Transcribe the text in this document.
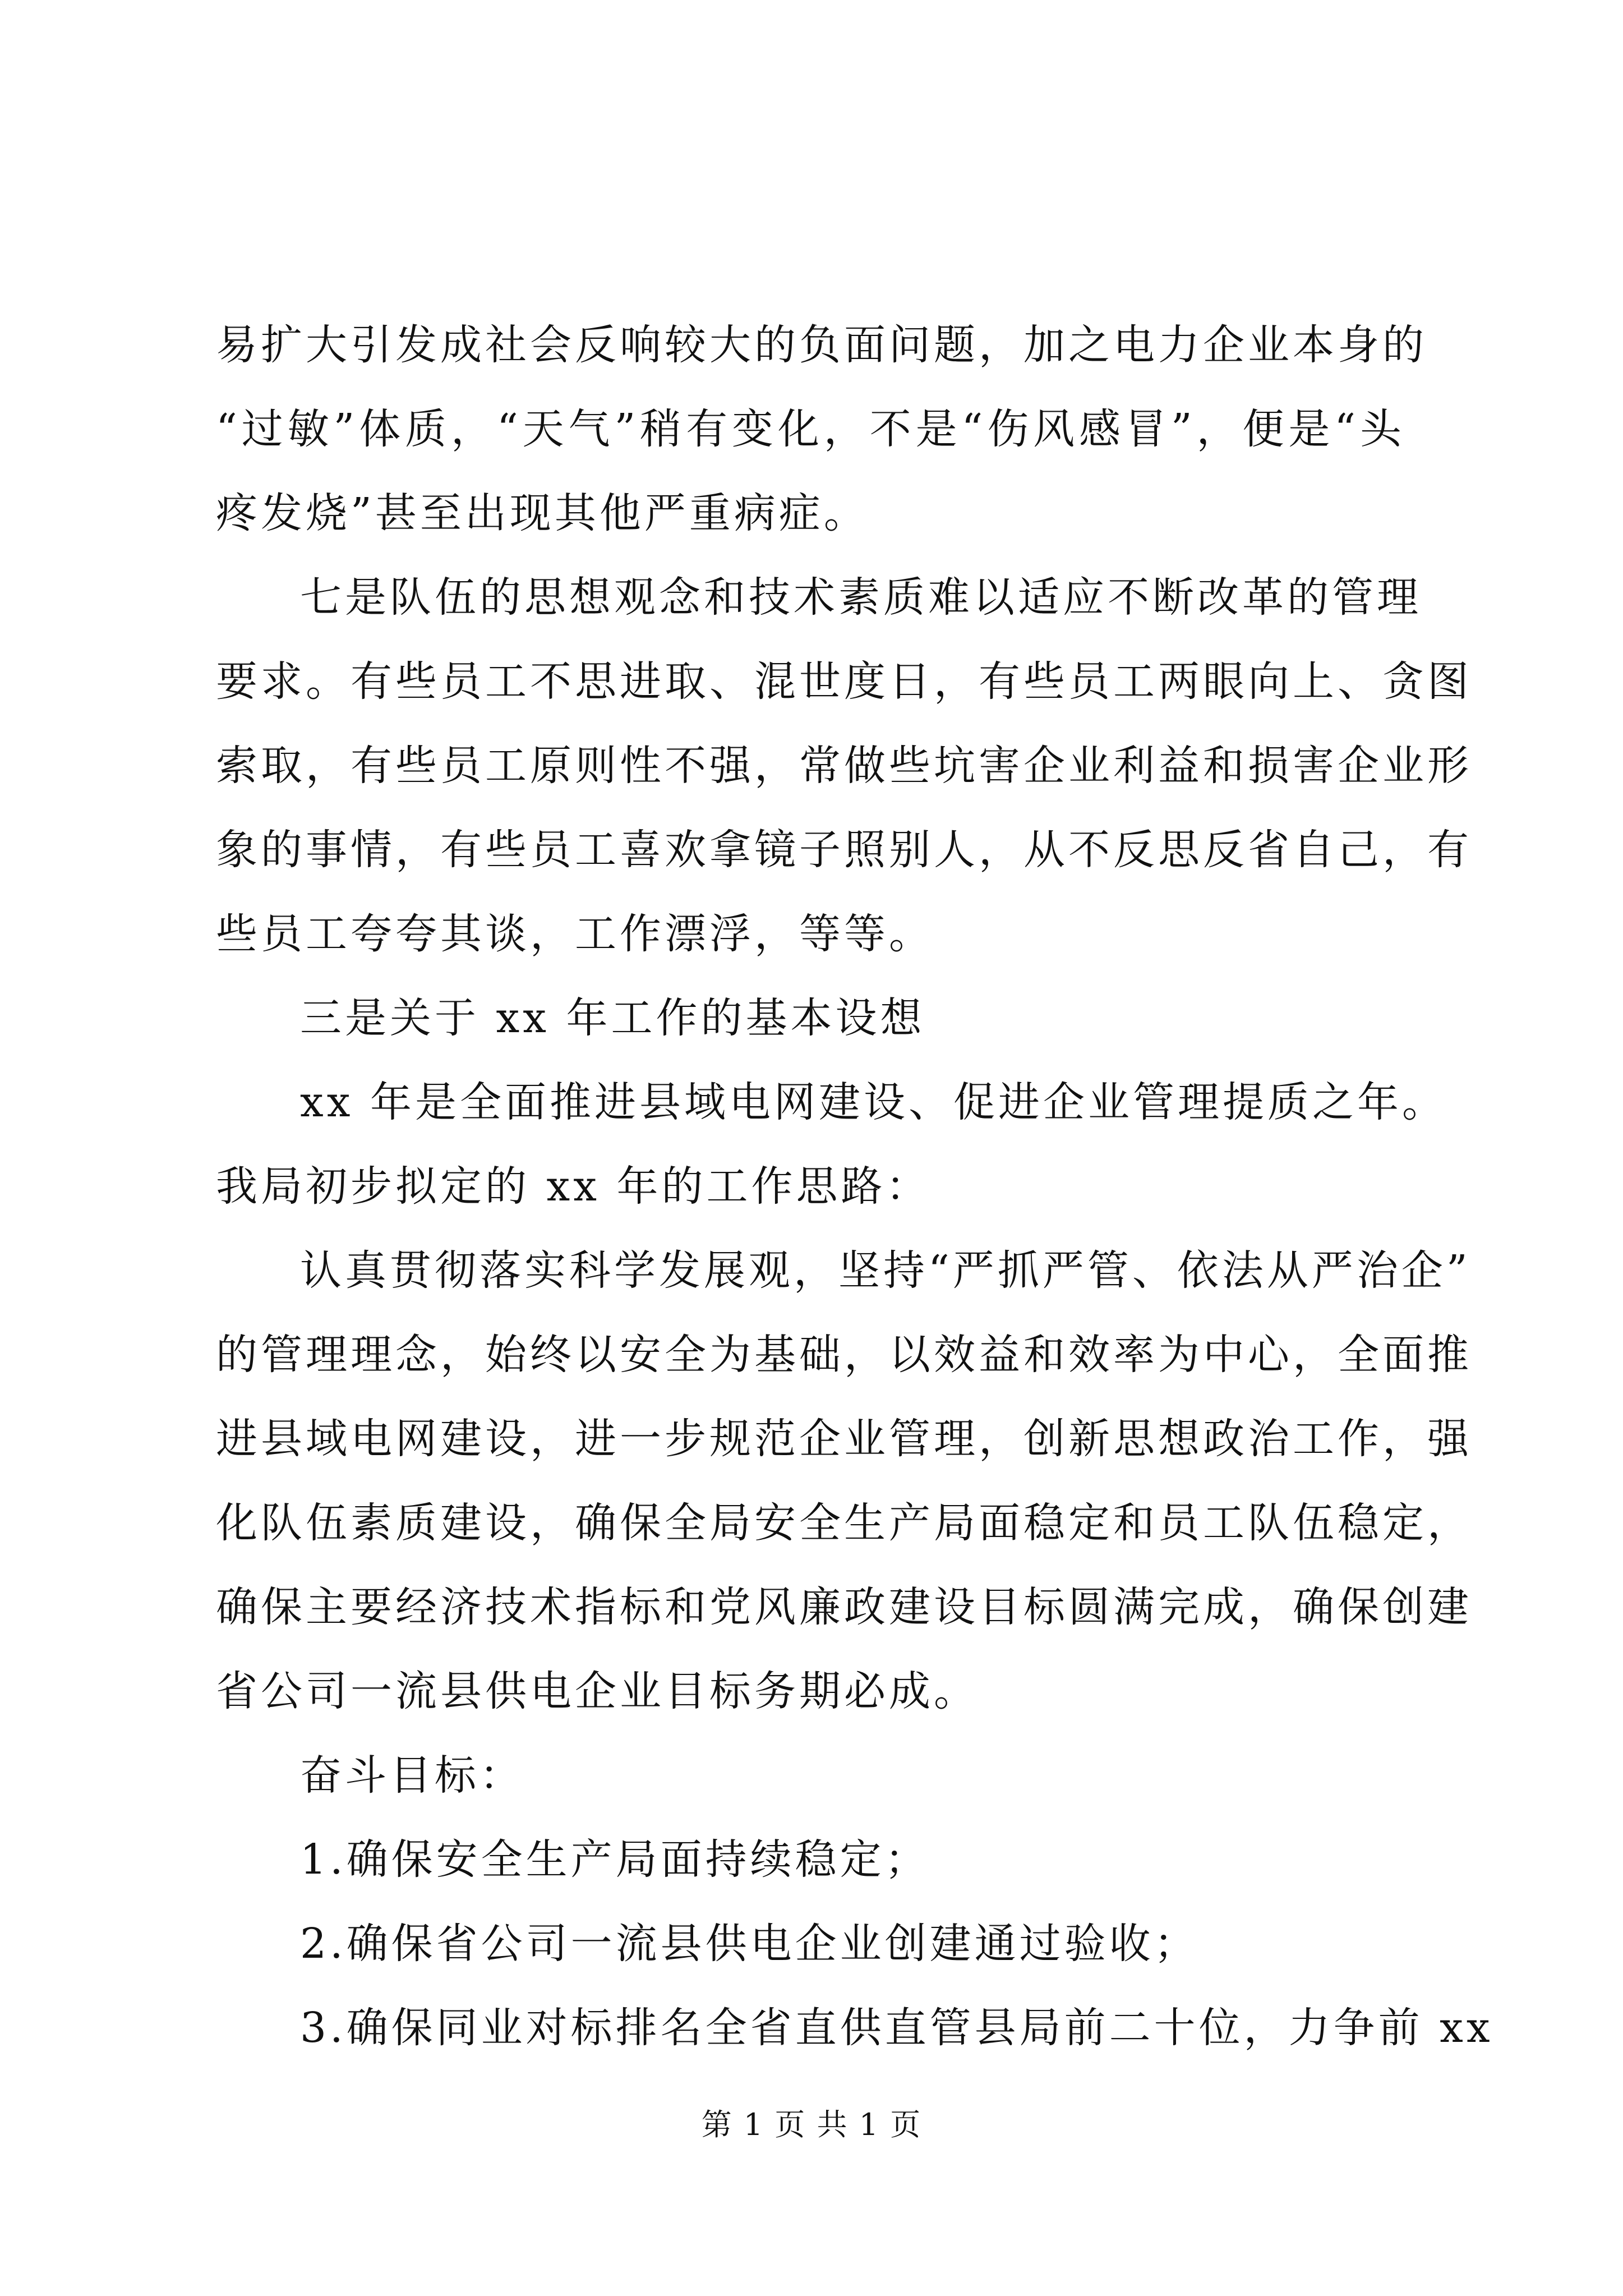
易扩大引发成社会反响较大的负面问题，加之电力企业本身的
“过敏”体质，“天气”稍有变化，不是“伤风感冒”，便是“头
疼发烧”甚至出现其他严重病症。
七是队伍的思想观念和技术素质难以适应不断改革的管理
要求。有些员工不思进取、混世度日，有些员工两眼向上、贪图
索取，有些员工原则性不强，常做些坑害企业利益和损害企业形
象的事情，有些员工喜欢拿镜子照别人，从不反思反省自己，有
些员工夸夸其谈，工作漂浮，等等。
三是关于 xx 年工作的基本设想
xx 年是全面推进县域电网建设、促进企业管理提质之年。
我局初步拟定的 xx 年的工作思路：
认真贯彻落实科学发展观，坚持“严抓严管、依法从严治企”
的管理理念，始终以安全为基础，以效益和效率为中心，全面推
进县域电网建设，进一步规范企业管理，创新思想政治工作，强
化队伍素质建设，确保全局安全生产局面稳定和员工队伍稳定，
确保主要经济技术指标和党风廉政建设目标圆满完成，确保创建
省公司一流县供电企业目标务期必成。
奋斗目标：
1.确保安全生产局面持续稳定；
2.确保省公司一流县供电企业创建通过验收；
3.确保同业对标排名全省直供直管县局前二十位，力争前 xx
第 1 页 共 1 页
